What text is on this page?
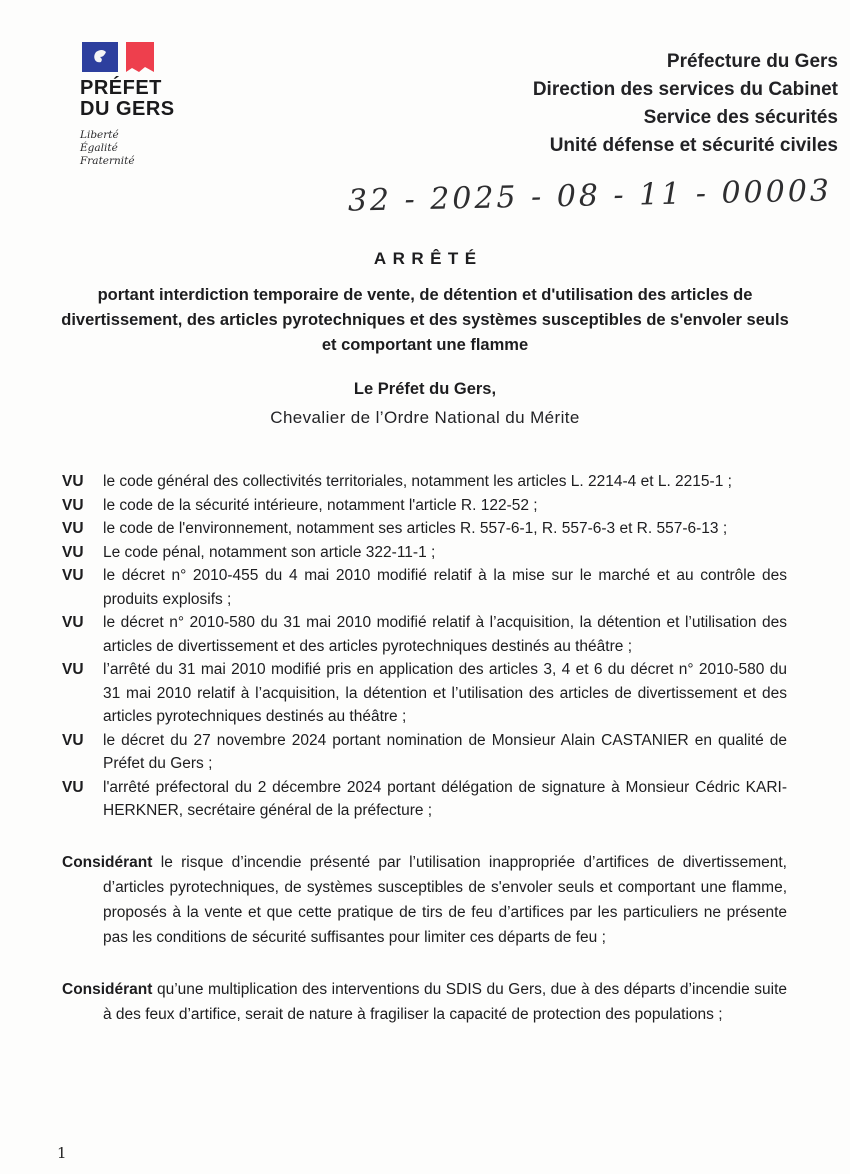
PRÉFET
DU GERS
Liberté
Égalité
Fraternité
Préfecture du Gers
Direction des services du Cabinet
Service des sécurités
Unité défense et sécurité civiles
32 - 2025 - 08 - 11 - 00003
ARRÊTÉ
portant interdiction temporaire de vente, de détention et d'utilisation des articles de divertissement, des articles pyrotechniques et des systèmes susceptibles de s'envoler seuls et comportant une flamme
Le Préfet du Gers,
Chevalier de l’Ordre National du Mérite
VU	le code général des collectivités territoriales, notamment les articles L. 2214-4 et L. 2215-1 ;
VU	le code de la sécurité intérieure, notamment l'article R. 122-52 ;
VU	le code de l'environnement, notamment ses articles R. 557-6-1, R. 557-6-3 et R. 557-6-13 ;
VU	Le code pénal, notamment son article 322-11-1 ;
VU	le décret n° 2010-455 du 4 mai 2010 modifié relatif à la mise sur le marché et au contrôle des produits explosifs ;
VU	le décret n° 2010-580 du 31 mai 2010 modifié relatif à l’acquisition, la détention et l’utilisation des articles de divertissement et des articles pyrotechniques destinés au théâtre ;
VU	l’arrêté du 31 mai 2010 modifié pris en application des articles 3, 4 et 6 du décret n° 2010-580 du 31 mai 2010 relatif à l’acquisition, la détention et l’utilisation des articles de divertissement et des articles pyrotechniques destinés au théâtre ;
VU	le décret du 27 novembre 2024 portant nomination de Monsieur Alain CASTANIER en qualité de Préfet du Gers ;
VU	l'arrêté préfectoral du 2 décembre 2024 portant délégation de signature à Monsieur Cédric KARI-HERKNER, secrétaire général de la préfecture ;

Considérant le risque d’incendie présenté par l’utilisation inappropriée d’artifices de divertissement, d’articles pyrotechniques, de systèmes susceptibles de s'envoler seuls et comportant une flamme, proposés à la vente et que cette pratique de tirs de feu d’artifices par les particuliers ne présente pas les conditions de sécurité suffisantes pour limiter ces départs de feu ;

Considérant qu’une multiplication des interventions du SDIS du Gers, due à des départs d’incendie suite à des feux d’artifice, serait de nature à fragiliser la capacité de protection des populations ;

1
